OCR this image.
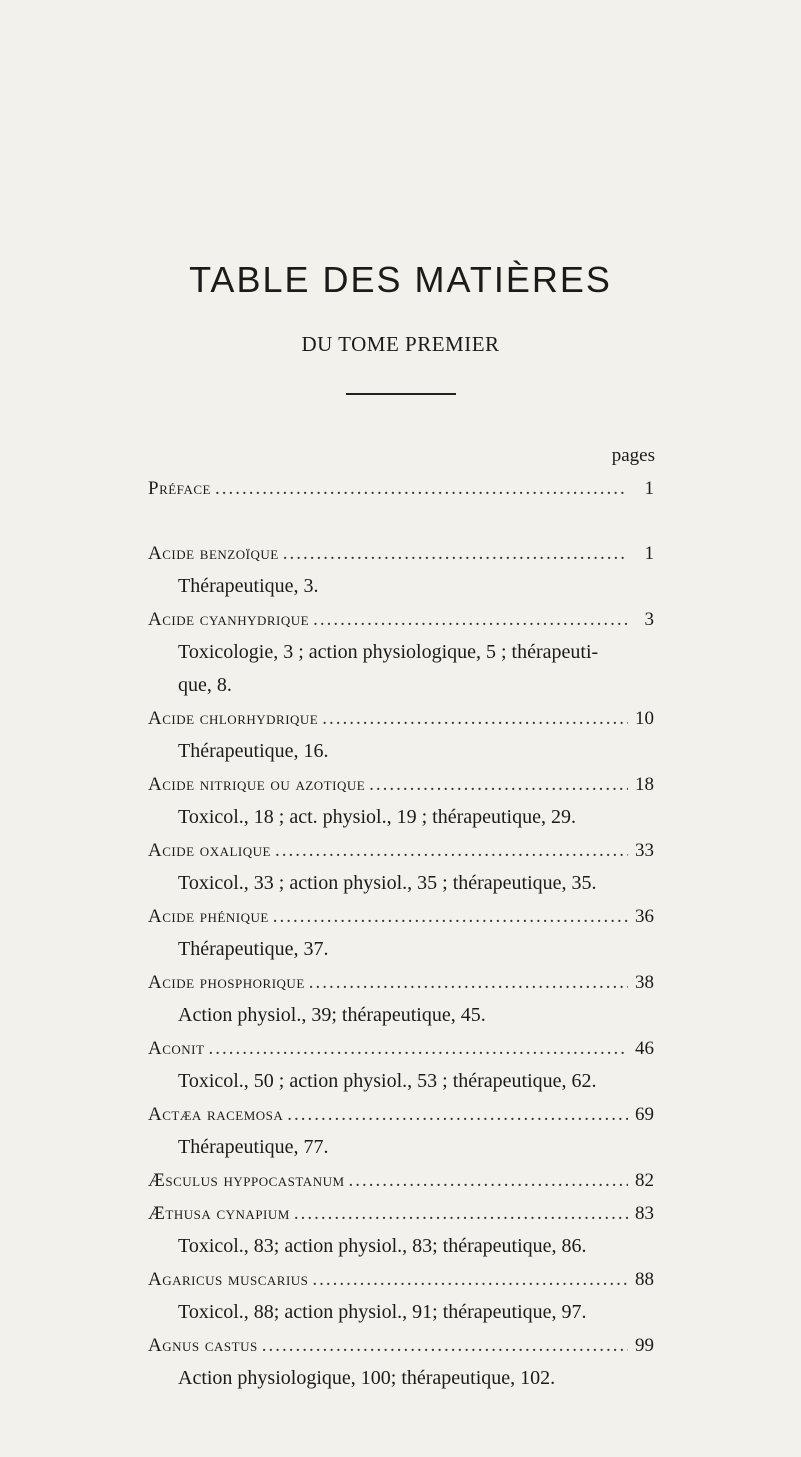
TABLE DES MATIÈRES
DU TOME PREMIER
pages
Préface .....	1
Acide benzoïque .....	1
Thérapeutique, 3.
Acide cyanhydrique .....	3
Toxicologie, 3 ; action physiologique, 5 ; thérapeuti-
que, 8.
Acide chlorhydrique .....	10
Thérapeutique, 16.
Acide nitrique ou azotique .....	18
Toxicol., 18 ; act. physiol., 19 ; thérapeutique, 29.
Acide oxalique .....	33
Toxicol., 33 ; action physiol., 35 ; thérapeutique, 35.
Acide phénique .....	36
Thérapeutique, 37.
Acide phosphorique .....	38
Action physiol., 39; thérapeutique, 45.
Aconit .....	46
Toxicol., 50 ; action physiol., 53 ; thérapeutique, 62.
Actæa racemosa .....	69
Thérapeutique, 77.
Æsculus hyppocastanum .....	82
Æthusa cynapium .....	83
Toxicol., 83; action physiol., 83; thérapeutique, 86.
Agaricus muscarius .....	88
Toxicol., 88; action physiol., 91; thérapeutique, 97.
Agnus castus .....	99
Action physiologique, 100; thérapeutique, 102.
